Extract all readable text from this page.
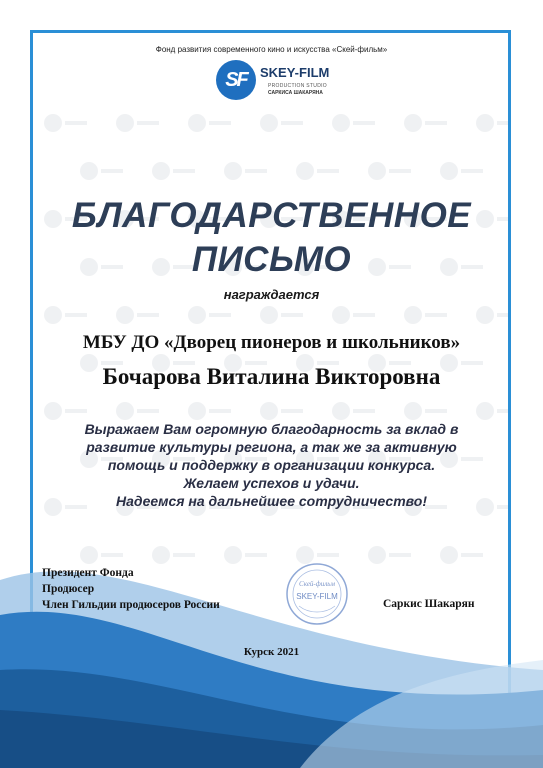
Фонд развития современного кино и искусства «Скей-фильм»
SF	SKEY-FILM
PRODUCTION STUDIO
САРКИСА ШАКАРЯНА
БЛАГОДАРСТВЕННОЕ
ПИСЬМО
награждается
МБУ ДО «Дворец пионеров и школьников»
Бочарова Виталина Викторовна
Выражаем Вам огромную благодарность за вклад в
развитие культуры региона, а так же за активную
помощь и поддержку в организации конкурса.
Желаем успехов и удачи.
Надеемся на дальнейшее сотрудничество!
Президент Фонда
Продюсер
Член Гильдии продюсеров России
Скей-фильм
SKEY-FILM
Саркис Шакарян
Курск 2021
